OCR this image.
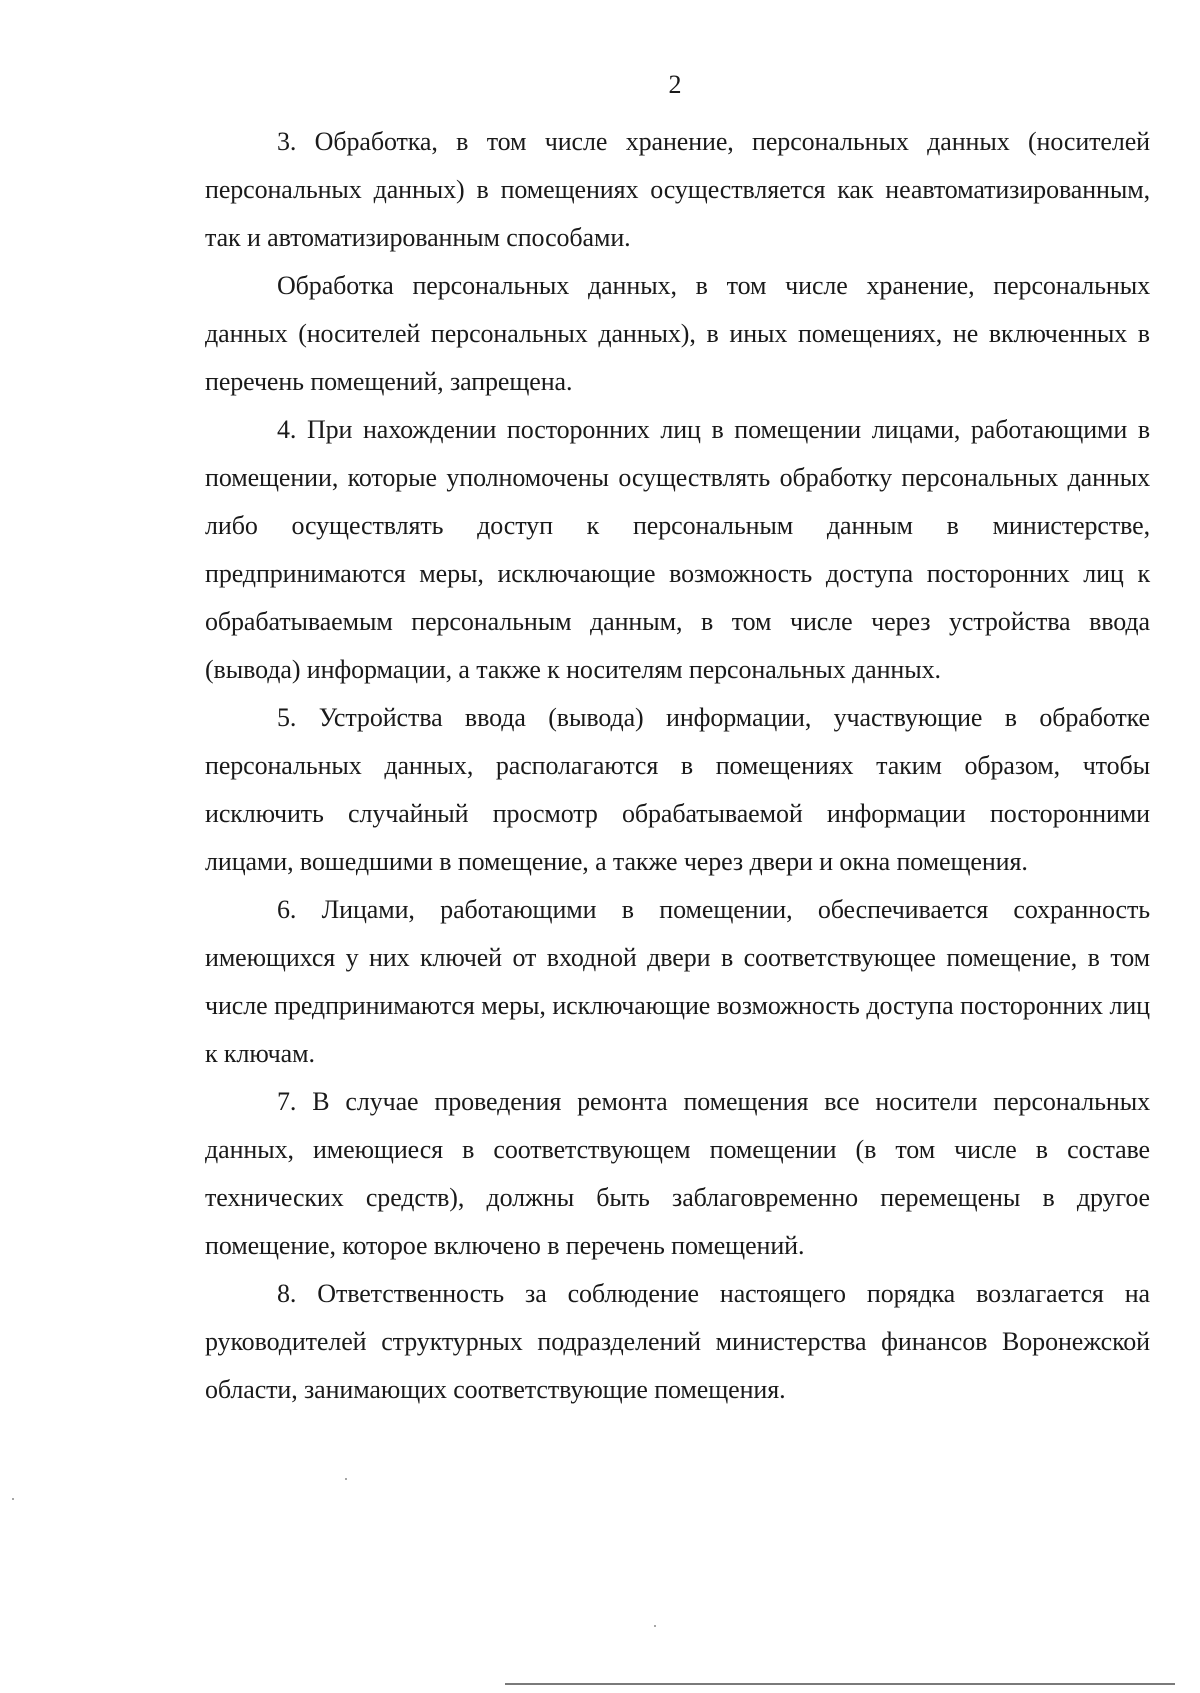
2

3. Обработка, в том числе хранение, персональных данных (носителей персональных данных) в помещениях осуществляется как неавтоматизированным, так и автоматизированным способами.

Обработка персональных данных, в том числе хранение, персональных данных (носителей персональных данных), в иных помещениях, не включенных в перечень помещений, запрещена.

4. При нахождении посторонних лиц в помещении лицами, работающими в помещении, которые уполномочены осуществлять обработку персональных данных либо осуществлять доступ к персональным данным в министерстве, предпринимаются меры, исключающие возможность доступа посторонних лиц к обрабатываемым персональным данным, в том числе через устройства ввода (вывода) информации, а также к носителям персональных данных.

5. Устройства ввода (вывода) информации, участвующие в обработке персональных данных, располагаются в помещениях таким образом, чтобы исключить случайный просмотр обрабатываемой информации посторонними лицами, вошедшими в помещение, а также через двери и окна помещения.

6. Лицами, работающими в помещении, обеспечивается сохранность имеющихся у них ключей от входной двери в соответствующее помещение, в том числе предпринимаются меры, исключающие возможность доступа посторонних лиц к ключам.

7. В случае проведения ремонта помещения все носители персональных данных, имеющиеся в соответствующем помещении (в том числе в составе технических средств), должны быть заблаговременно перемещены в другое помещение, которое включено в перечень помещений.

8. Ответственность за соблюдение настоящего порядка возлагается на руководителей структурных подразделений министерства финансов Воронежской области, занимающих соответствующие помещения.
